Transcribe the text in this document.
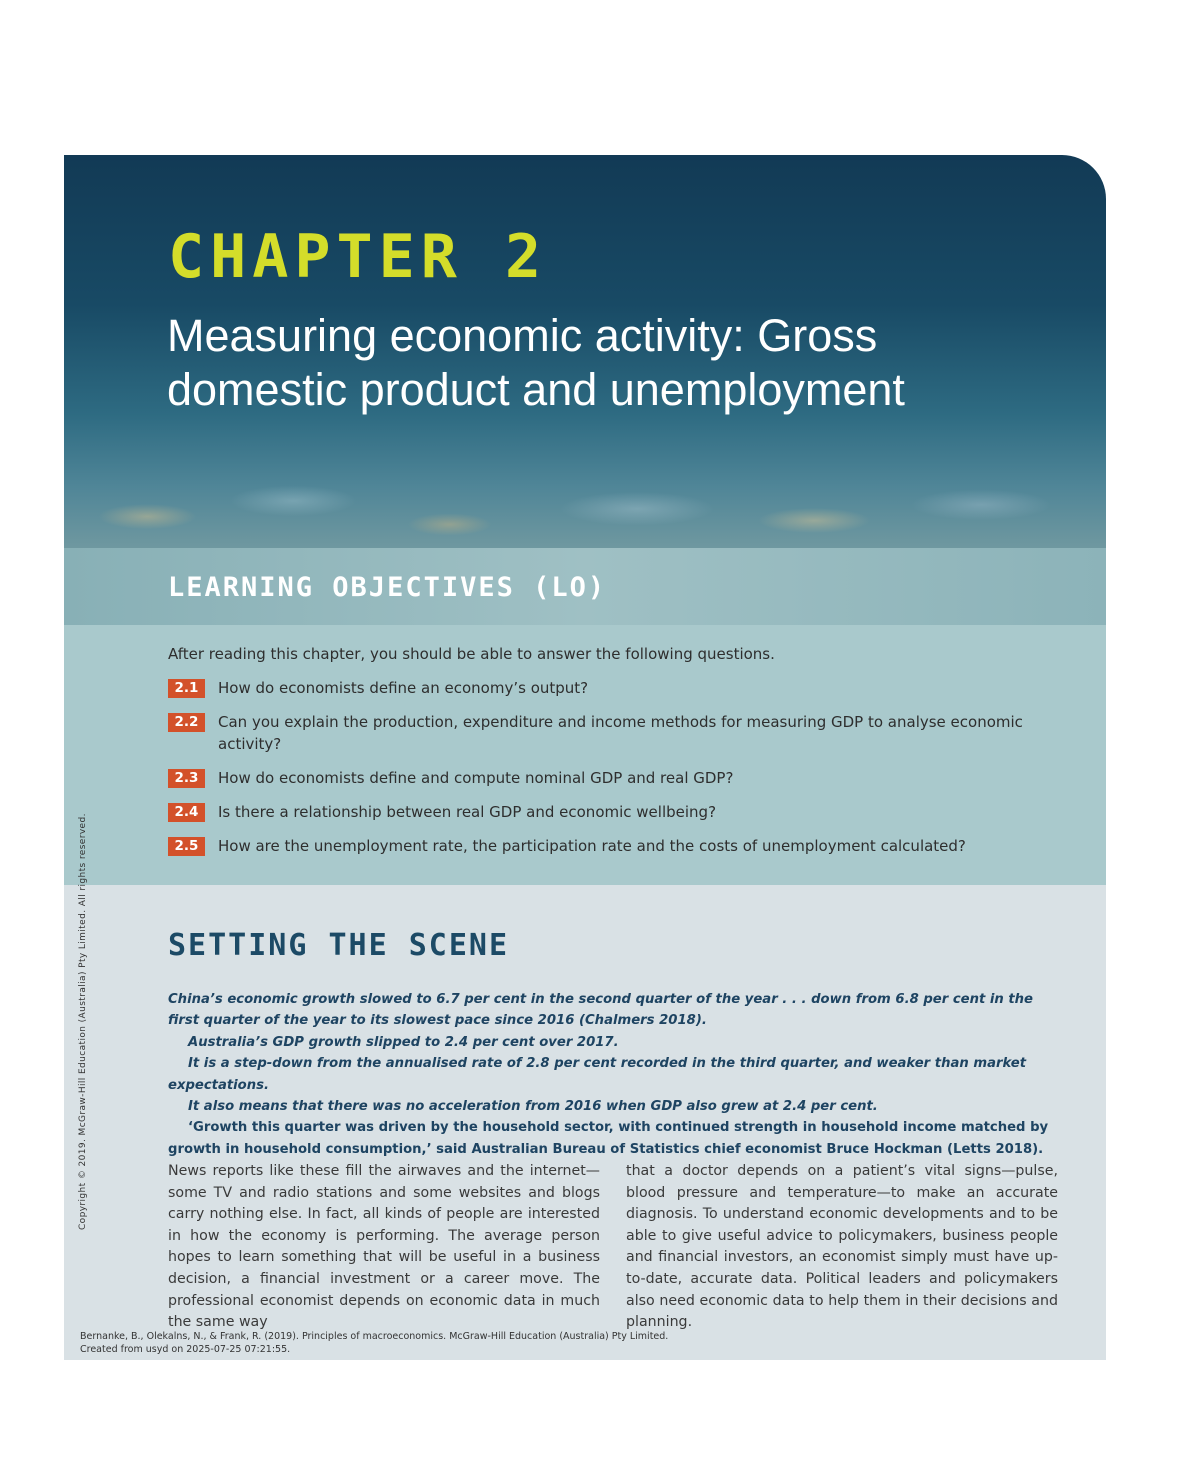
CHAPTER 2
Measuring economic activity: Gross domestic product and unemployment
LEARNING OBJECTIVES (LO)
After reading this chapter, you should be able to answer the following questions.
2.1	How do economists define an economy’s output?
2.2	Can you explain the production, expenditure and income methods for measuring GDP to analyse economic activity?
2.3	How do economists define and compute nominal GDP and real GDP?
2.4	Is there a relationship between real GDP and economic wellbeing?
2.5	How are the unemployment rate, the participation rate and the costs of unemployment calculated?
SETTING THE SCENE

China’s economic growth slowed to 6.7 per cent in the second quarter of the year . . . down from 6.8 per cent in the first quarter of the year to its slowest pace since 2016 (Chalmers 2018).

Australia’s GDP growth slipped to 2.4 per cent over 2017.

It is a step-down from the annualised rate of 2.8 per cent recorded in the third quarter, and weaker than market expectations.

It also means that there was no acceleration from 2016 when GDP also grew at 2.4 per cent.

‘Growth this quarter was driven by the household sector, with continued strength in household income matched by growth in household consumption,’ said Australian Bureau of Statistics chief economist Bruce Hockman (Letts 2018).

News reports like these fill the airwaves and the internet—some TV and radio stations and some websites and blogs carry nothing else. In fact, all kinds of people are interested in how the economy is performing. The average person hopes to learn something that will be useful in a business decision, a financial investment or a career move. The professional economist depends on economic data in much the same way
that a doctor depends on a patient’s vital signs—pulse, blood pressure and temperature—to make an accurate diagnosis. To understand economic developments and to be able to give useful advice to policymakers, business people and financial investors, an economist simply must have up-to-date, accurate data. Political leaders and policymakers also need economic data to help them in their decisions and planning.
Copyright © 2019. McGraw-Hill Education (Australia) Pty Limited. All rights reserved.
Bernanke, B., Olekalns, N., & Frank, R. (2019). Principles of macroeconomics. McGraw-Hill Education (Australia) Pty Limited.
Created from usyd on 2025-07-25 07:21:55.
